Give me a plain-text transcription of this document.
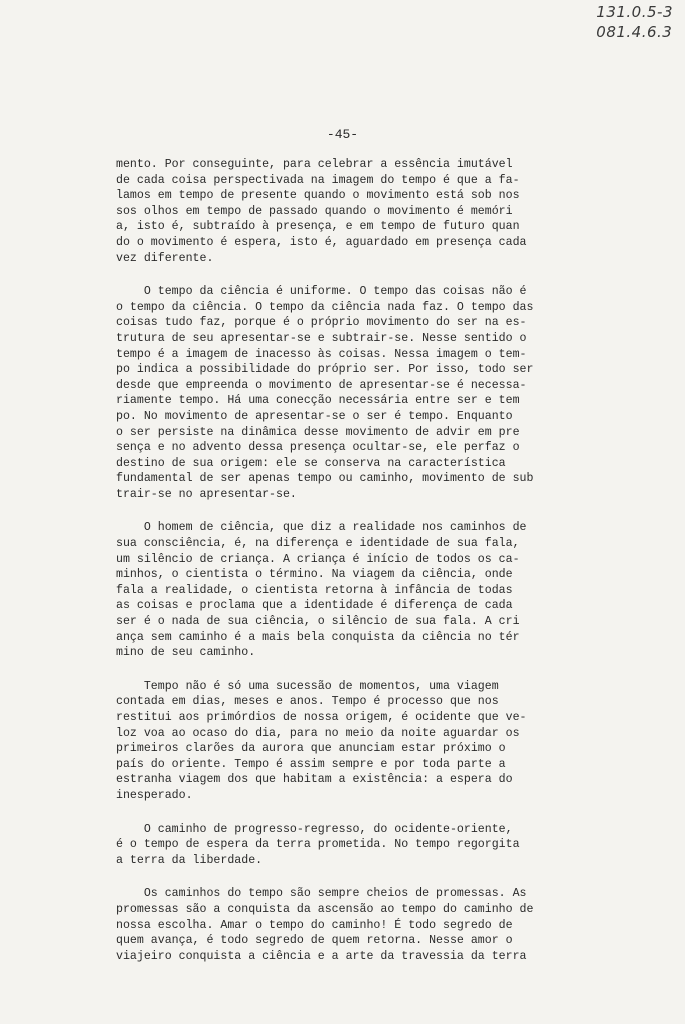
131.0.5-3
081.4.6.3
-45-
mento. Por conseguinte, para celebrar a essência imutável
de cada coisa perspectivada na imagem do tempo é que a fa-
lamos em tempo de presente quando o movimento está sob nos
sos olhos em tempo de passado quando o movimento é memóri
a, isto é, subtraído à presença, e em tempo de futuro quan
do o movimento é espera, isto é, aguardado em presença cada
vez diferente.
O tempo da ciência é uniforme. O tempo das coisas não é
o tempo da ciência. O tempo da ciência nada faz. O tempo das
coisas tudo faz, porque é o próprio movimento do ser na es-
trutura de seu apresentar-se e subtrair-se. Nesse sentido o
tempo é a imagem de inacesso às coisas. Nessa imagem o tem-
po indica a possibilidade do próprio ser. Por isso, todo ser
desde que empreenda o movimento de apresentar-se é necessa-
riamente tempo. Há uma conecção necessária entre ser e tem
po. No movimento de apresentar-se o ser é tempo. Enquanto
o ser persiste na dinâmica desse movimento de advir em pre
sença e no advento dessa presença ocultar-se, ele perfaz o
destino de sua origem: ele se conserva na característica
fundamental de ser apenas tempo ou caminho, movimento de sub
trair-se no apresentar-se.
O homem de ciência, que diz a realidade nos caminhos de
sua consciência, é, na diferença e identidade de sua fala,
um silêncio de criança. A criança é início de todos os ca-
minhos, o cientista o término. Na viagem da ciência, onde
fala a realidade, o cientista retorna à infância de todas
as coisas e proclama que a identidade é diferença de cada
ser é o nada de sua ciência, o silêncio de sua fala. A cri
ança sem caminho é a mais bela conquista da ciência no tér
mino de seu caminho.
Tempo não é só uma sucessão de momentos, uma viagem
contada em dias, meses e anos. Tempo é processo que nos
restitui aos primórdios de nossa origem, é ocidente que ve-
loz voa ao ocaso do dia, para no meio da noite aguardar os
primeiros clarões da aurora que anunciam estar próximo o
país do oriente. Tempo é assim sempre e por toda parte a
estranha viagem dos que habitam a existência: a espera do
inesperado.
O caminho de progresso-regresso, do ocidente-oriente,
é o tempo de espera da terra prometida. No tempo regorgita
a terra da liberdade.
Os caminhos do tempo são sempre cheios de promessas. As
promessas são a conquista da ascensão ao tempo do caminho de
nossa escolha. Amar o tempo do caminho! É todo segredo de
quem avança, é todo segredo de quem retorna. Nesse amor o
viajeiro conquista a ciência e a arte da travessia da terra
